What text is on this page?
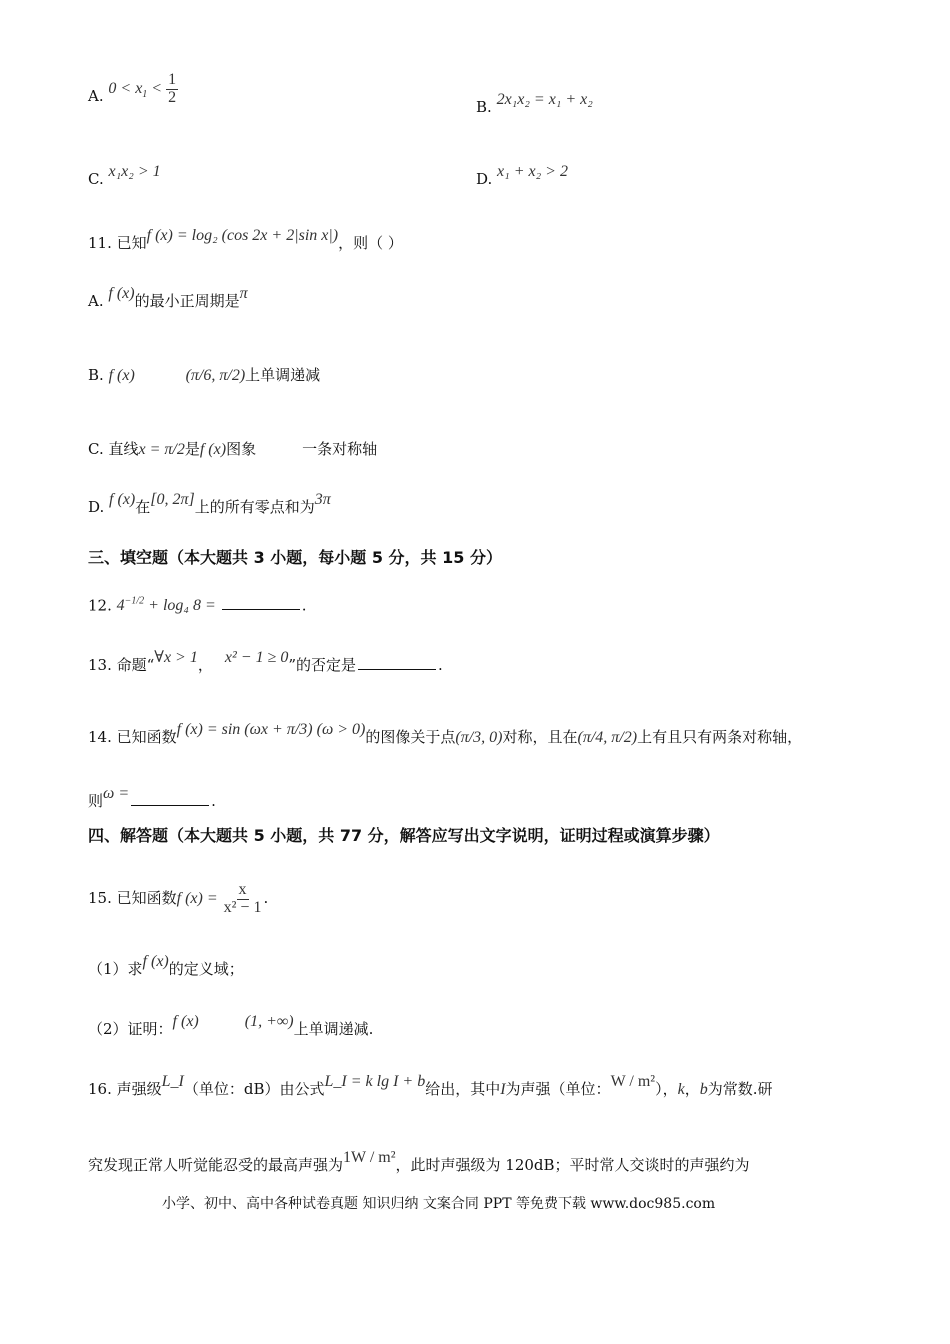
A. $0 < x_1 < \frac{1}{2}$
B. 2x₁x₂ = x₁ + x₂
C. x₁x₂ > 1	D. x₁ + x₂ > 2
11. 已知f (x) = log₂ (cos 2x + 2|sin x|)，则（ ）
A. f (x)的最小正周期是π
B. f (x)	(π/6, π/2)上单调递减
C. 直线x = π/2是f (x)图象	一条对称轴
D. f (x)在[0, 2π]上的所有零点和为3π
三、填空题（本大题共 3 小题，每小题 5 分，共 15 分）
12. $4^{-1/2} + \log_4$ 8 =	.
13. 命题“∀x > 1， x² − 1 ≥ 0”的否定是	.
14. 已知函数f (x) = sin (ωx + π/3) (ω > 0)的图像关于点(π/3, 0)对称，且在(π/4, π/2)上有且只有两条对称轴，
则ω =	.
四、解答题（本大题共 5 小题，共 77 分，解答应写出文字说明，证明过程或演算步骤）
15. 已知函数f $(x) = \frac{x}{\text{x² − 1}}$ .
（1）求f (x)的定义域；
（2）证明：f (x)	(1, +∞)上单调递减.
16. 声强级L_I（单位：dB）由公式L_I = k lg I + b给出，其中I为声强（单位：W / m²），k，b为常数.研
究发现正常人听觉能忍受的最高声强为1W / m²，此时声强级为 120dB；平时常人交谈时的声强约为
小学、初中、高中各种试卷真题 知识归纳 文案合同 PPT 等免费下载 www.doc985.com
